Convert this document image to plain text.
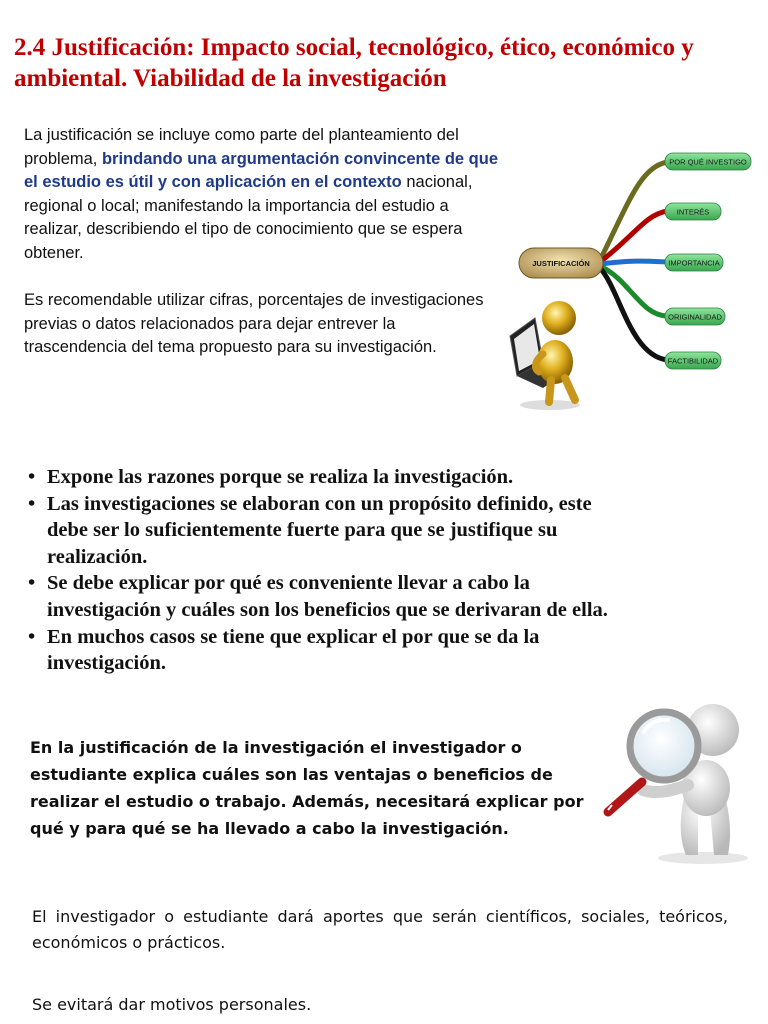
2.4 Justificación: Impacto social, tecnológico, ético, económico y ambiental. Viabilidad de la investigación

La justificación se incluye como parte del planteamiento del problema, brindando una argumentación convincente de que el estudio es útil y con aplicación en el contexto nacional, regional o local; manifestando la importancia del estudio a realizar, describiendo el tipo de conocimiento que se espera obtener.

Es recomendable utilizar cifras, porcentajes de investigaciones previas o datos relacionados para dejar entrever la trascendencia del tema propuesto para su investigación.

JUSTIFICACIÓN
POR QUÉ INVESTIGO
INTERÉS
IMPORTANCIA
ORIGINALIDAD
FACTIBILIDAD
• Expone las razones porque se realiza la investigación.
• Las investigaciones se elaboran con un propósito definido, este debe ser lo suficientemente fuerte para que se justifique su realización.
• Se debe explicar por qué es conveniente llevar a cabo la investigación y cuáles son los beneficios que se derivaran de ella.
• En muchos casos se tiene que explicar el por que se da la investigación.

En la justificación de la investigación el investigador o estudiante explica cuáles son las ventajas o beneficios de realizar el estudio o trabajo. Además, necesitará explicar por qué y para qué se ha llevado a cabo la investigación.

El investigador o estudiante dará aportes que serán científicos, sociales, teóricos, económicos o prácticos.

Se evitará dar motivos personales.
